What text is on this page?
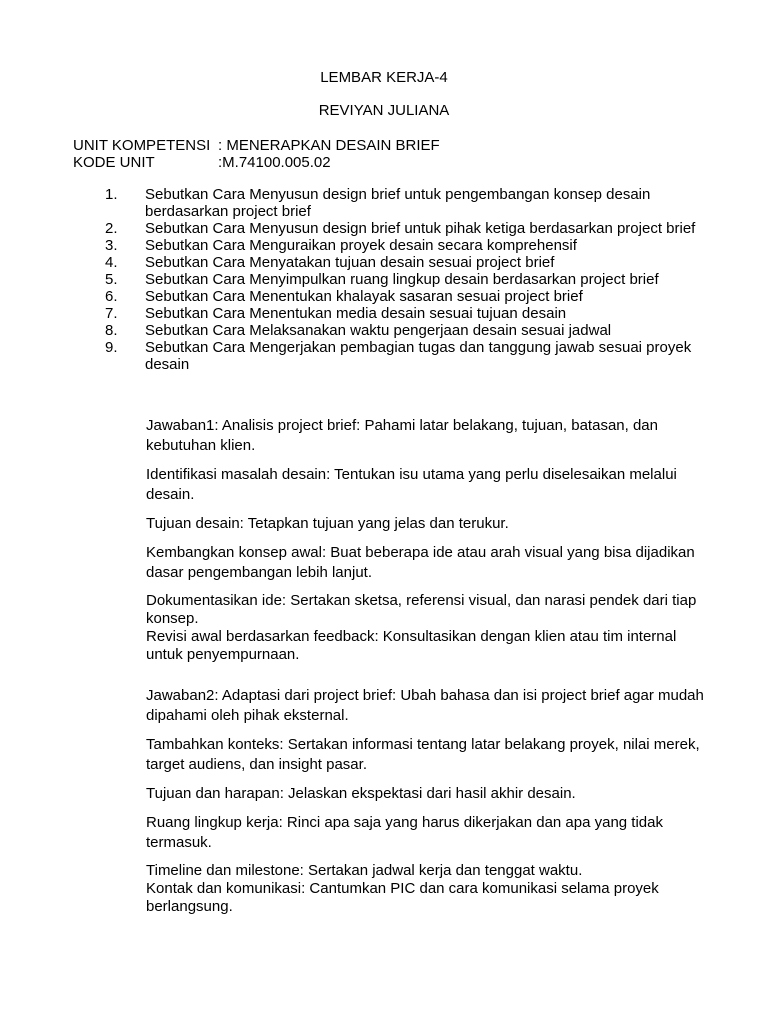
LEMBAR KERJA-4
REVIYAN JULIANA
UNIT KOMPETENSI : MENERAPKAN DESAIN BRIEF
KODE UNIT	:M.74100.005.02
1. Sebutkan Cara Menyusun design brief untuk pengembangan konsep desain berdasarkan project brief
2. Sebutkan Cara Menyusun design brief untuk pihak ketiga berdasarkan project brief
3. Sebutkan Cara Menguraikan proyek desain secara komprehensif
4. Sebutkan Cara Menyatakan tujuan desain sesuai project brief
5. Sebutkan Cara Menyimpulkan ruang lingkup desain berdasarkan project brief
6. Sebutkan Cara Menentukan khalayak sasaran sesuai project brief
7. Sebutkan Cara Menentukan media desain sesuai tujuan desain
8. Sebutkan Cara Melaksanakan waktu pengerjaan desain sesuai jadwal
9. Sebutkan Cara Mengerjakan pembagian tugas dan tanggung jawab sesuai proyek desain

Jawaban1: Analisis project brief: Pahami latar belakang, tujuan, batasan, dan kebutuhan klien.

Identifikasi masalah desain: Tentukan isu utama yang perlu diselesaikan melalui desain.

Tujuan desain: Tetapkan tujuan yang jelas dan terukur.

Kembangkan konsep awal: Buat beberapa ide atau arah visual yang bisa dijadikan dasar pengembangan lebih lanjut.

Dokumentasikan ide: Sertakan sketsa, referensi visual, dan narasi pendek dari tiap konsep.

Revisi awal berdasarkan feedback: Konsultasikan dengan klien atau tim internal untuk penyempurnaan.

Jawaban2: Adaptasi dari project brief: Ubah bahasa dan isi project brief agar mudah dipahami oleh pihak eksternal.

Tambahkan konteks: Sertakan informasi tentang latar belakang proyek, nilai merek, target audiens, dan insight pasar.

Tujuan dan harapan: Jelaskan ekspektasi dari hasil akhir desain.

Ruang lingkup kerja: Rinci apa saja yang harus dikerjakan dan apa yang tidak termasuk.

Timeline dan milestone: Sertakan jadwal kerja dan tenggat waktu.

Kontak dan komunikasi: Cantumkan PIC dan cara komunikasi selama proyek berlangsung.
